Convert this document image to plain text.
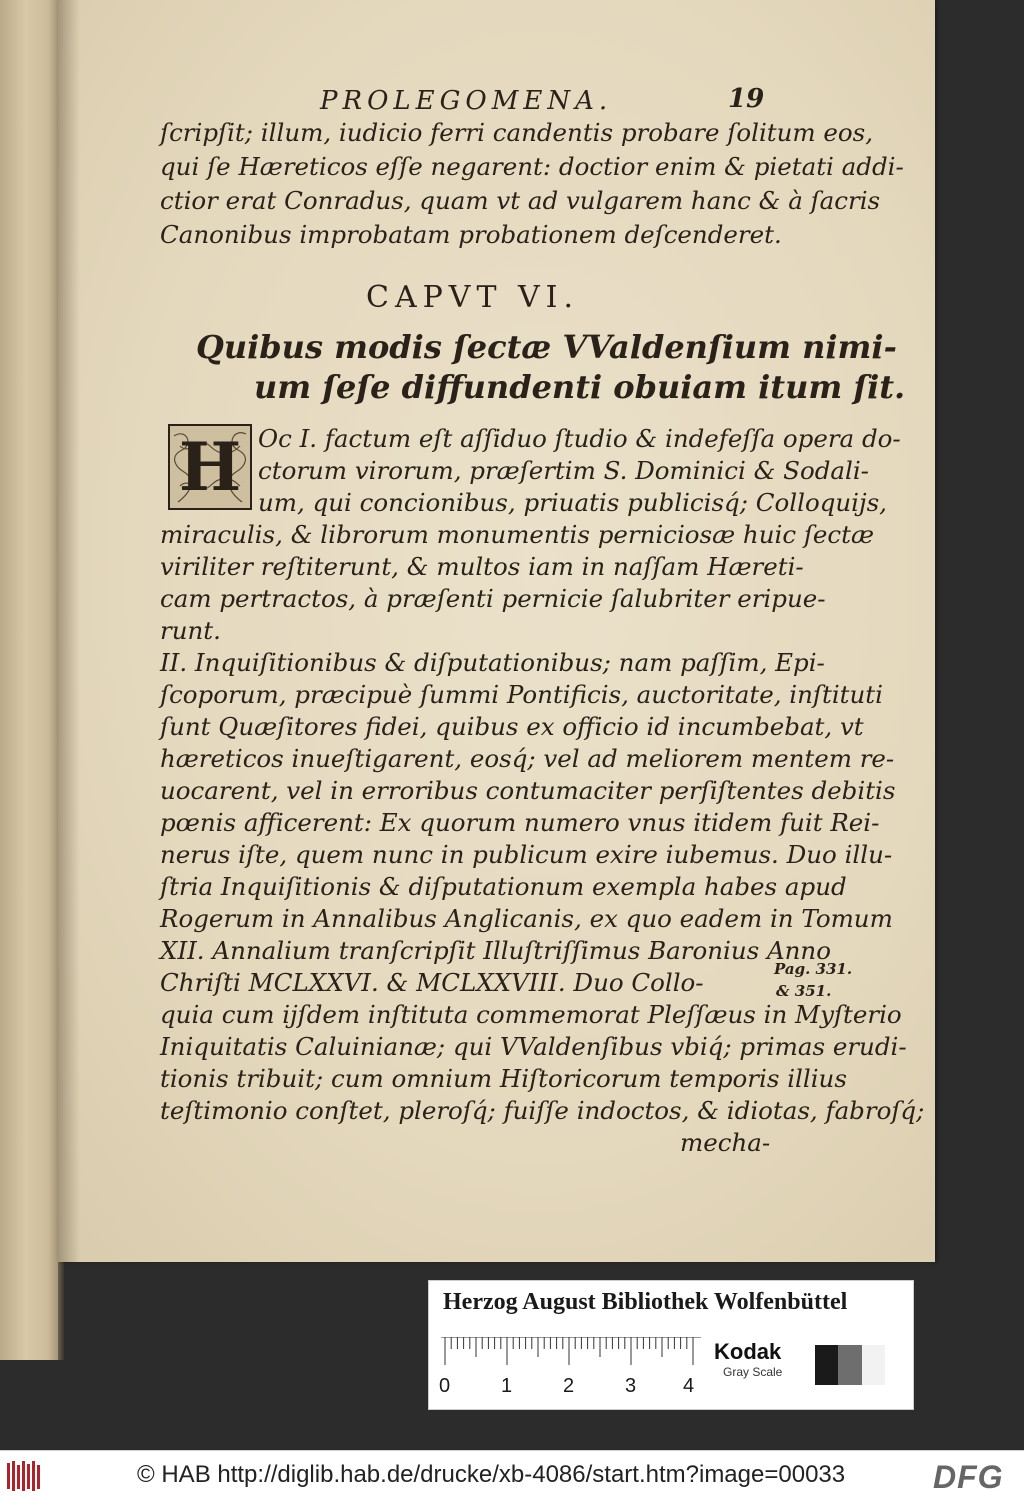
PROLEGOMENA.	19
ſcripſit; illum, iudicio ferri candentis probare ſolitum eos,
qui ſe Hæreticos eſſe negarent: doctior enim & pietati addi-
ctior erat Conradus, quam vt ad vulgarem hanc & à ſacris
Canonibus improbatam probationem deſcenderet.
CAPVT VI.
Quibus modis ſectæ VValdenſium nimi-
um ſeſe diffundenti obuiam itum ſit.
H Oc I. factum eſt aſſiduo ſtudio & indefeſſa opera do-
ctorum virorum, præſertim S. Dominici & Sodali-
um, qui concionibus, priuatis publicisq́; Colloquijs,
miraculis, & librorum monumentis perniciosæ huic ſectæ
viriliter reſtiterunt, & multos iam in naſſam Hæreti-
cam pertractos, à præſenti pernicie ſalubriter eripue-
runt.
II. Inquiſitionibus & diſputationibus; nam paſſim, Epi-
ſcoporum, præcipuè ſummi Pontificis, auctoritate, inſtituti
ſunt Quæſitores fidei, quibus ex officio id incumbebat, vt
hæreticos inueſtigarent, eosq́; vel ad meliorem mentem re-
uocarent, vel in erroribus contumaciter perſiſtentes debitis
pœnis afficerent: Ex quorum numero vnus itidem fuit Rei-
nerus iſte, quem nunc in publicum exire iubemus. Duo illu-
ſtria Inquiſitionis & diſputationum exempla habes apud
Rogerum in Annalibus Anglicanis, ex quo eadem in Tomum
XII. Annalium tranſcripſit Illuſtriſſimus Baronius Anno
Chriſti MCLXXVI. & MCLXXVIII. Duo Collo-
quia cum ijſdem inſtituta commemorat Pleſſæus in Myſterio
Iniquitatis Caluinianæ; qui VValdenſibus vbiq́; primas erudi-
tionis tribuit; cum omnium Hiſtoricorum temporis illius
teſtimonio conſtet, pleroſq́; fuiſſe indoctos, & idiotas, fabroſq́;
mecha-
Pag. 331.
& 351.
Herzog August Bibliothek Wolfenbüttel
0	1	2	3 4
Kodak
Gray Scale
© HAB http://diglib.hab.de/drucke/xb-4086/start.htm?image=00033	DFG
